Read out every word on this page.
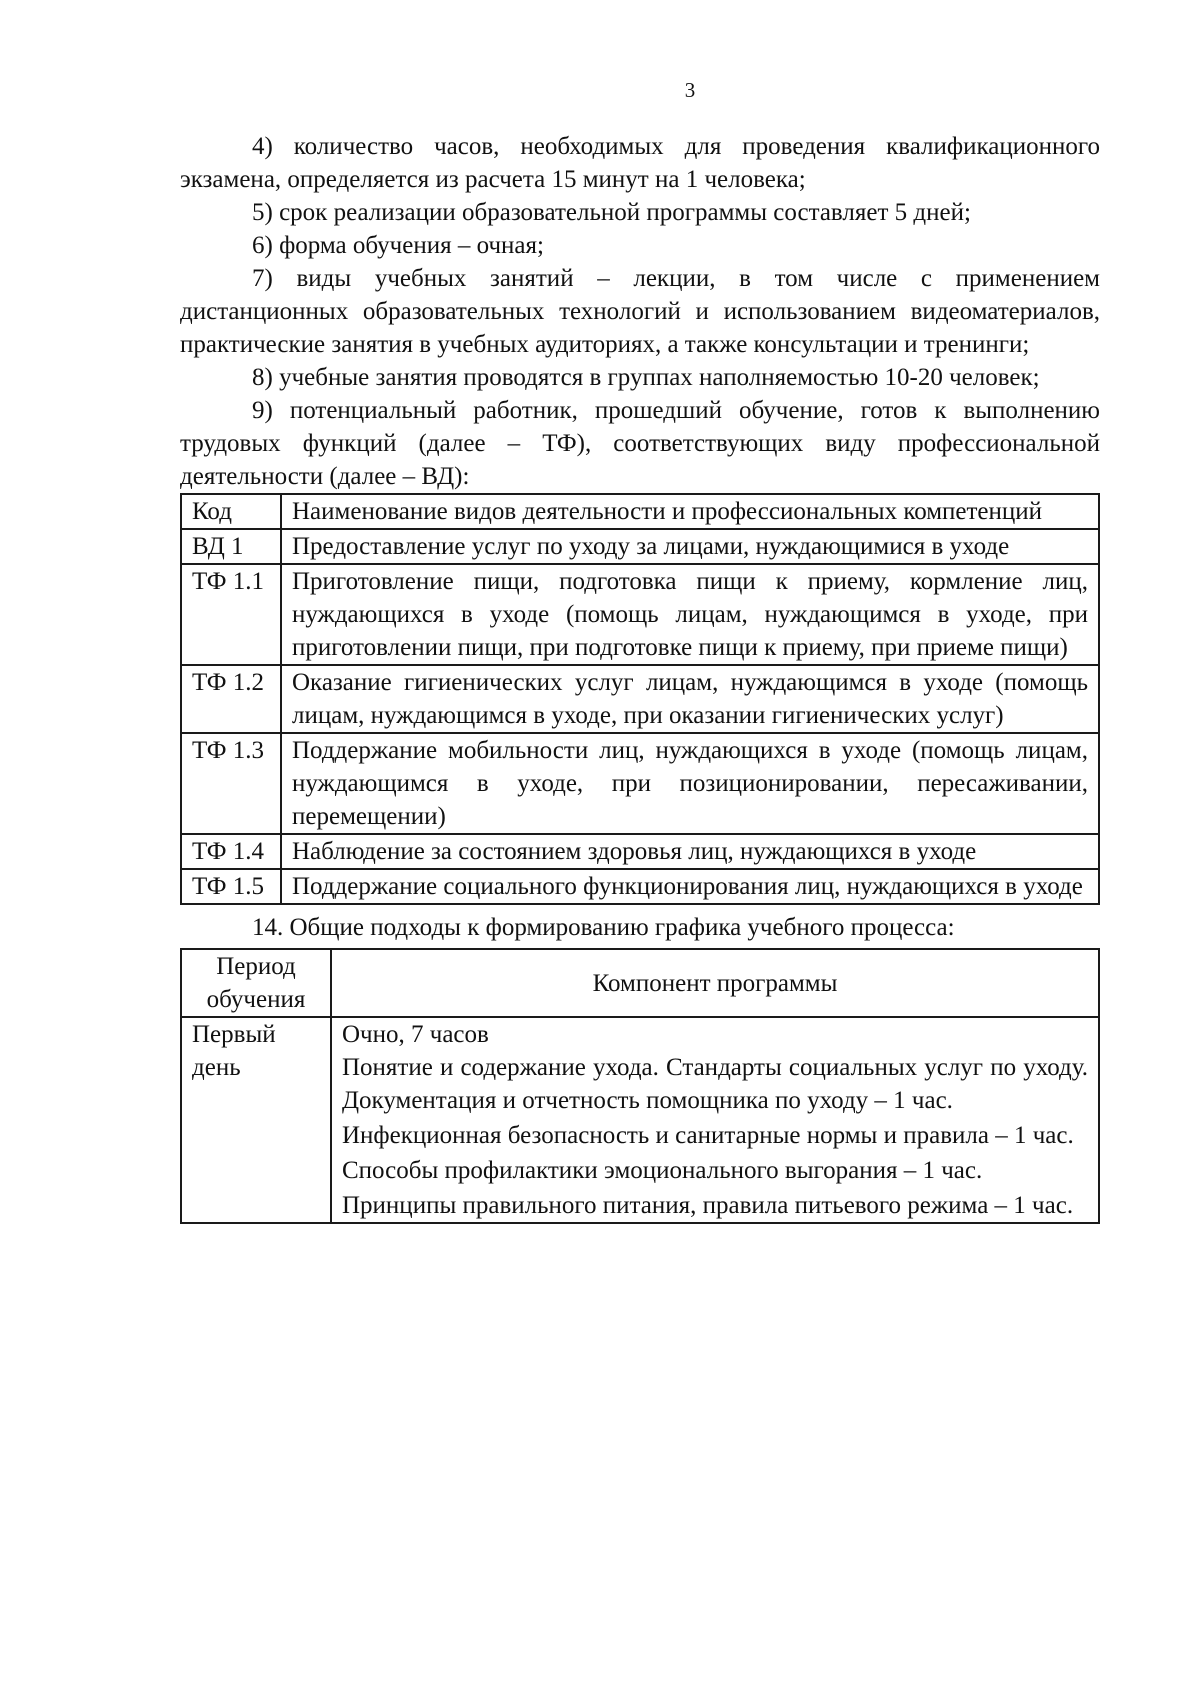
3

4) количество часов, необходимых для проведения квалификационного экзамена, определяется из расчета 15 минут на 1 человека;

5) срок реализации образовательной программы составляет 5 дней;

6) форма обучения – очная;

7) виды учебных занятий – лекции, в том числе с применением дистанционных образовательных технологий и использованием видеоматериалов, практические занятия в учебных аудиториях, а также консультации и тренинги;

8) учебные занятия проводятся в группах наполняемостью 10-20 человек;

9) потенциальный работник, прошедший обучение, готов к выполнению трудовых функций (далее – ТФ), соответствующих виду профессиональной деятельности (далее – ВД):

Код	Наименование видов деятельности и профессиональных компетенций
ВД 1	Предоставление услуг по уходу за лицами, нуждающимися в уходе
ТФ 1.1	Приготовление пищи, подготовка пищи к приему, кормление лиц, нуждающихся в уходе (помощь лицам, нуждающимся в уходе, при приготовлении пищи, при подготовке пищи к приему, при приеме пищи)
ТФ 1.2	Оказание гигиенических услуг лицам, нуждающимся в уходе (помощь лицам, нуждающимся в уходе, при оказании гигиенических услуг)
ТФ 1.3	Поддержание мобильности лиц, нуждающихся в уходе (помощь лицам, нуждающимся в уходе, при позиционировании, пересаживании, перемещении)
ТФ 1.4	Наблюдение за состоянием здоровья лиц, нуждающихся в уходе
ТФ 1.5	Поддержание социального функционирования лиц, нуждающихся в уходе

14. Общие подходы к формированию графика учебного процесса:

Период обучения	Компонент программы
Первый день	Очно, 7 часов
Понятие и содержание ухода. Стандарты социальных услуг по уходу. Документация и отчетность помощника по уходу – 1 час.
Инфекционная безопасность и санитарные нормы и правила – 1 час.
Способы профилактики эмоционального выгорания – 1 час.
Принципы правильного питания, правила питьевого режима – 1 час.
